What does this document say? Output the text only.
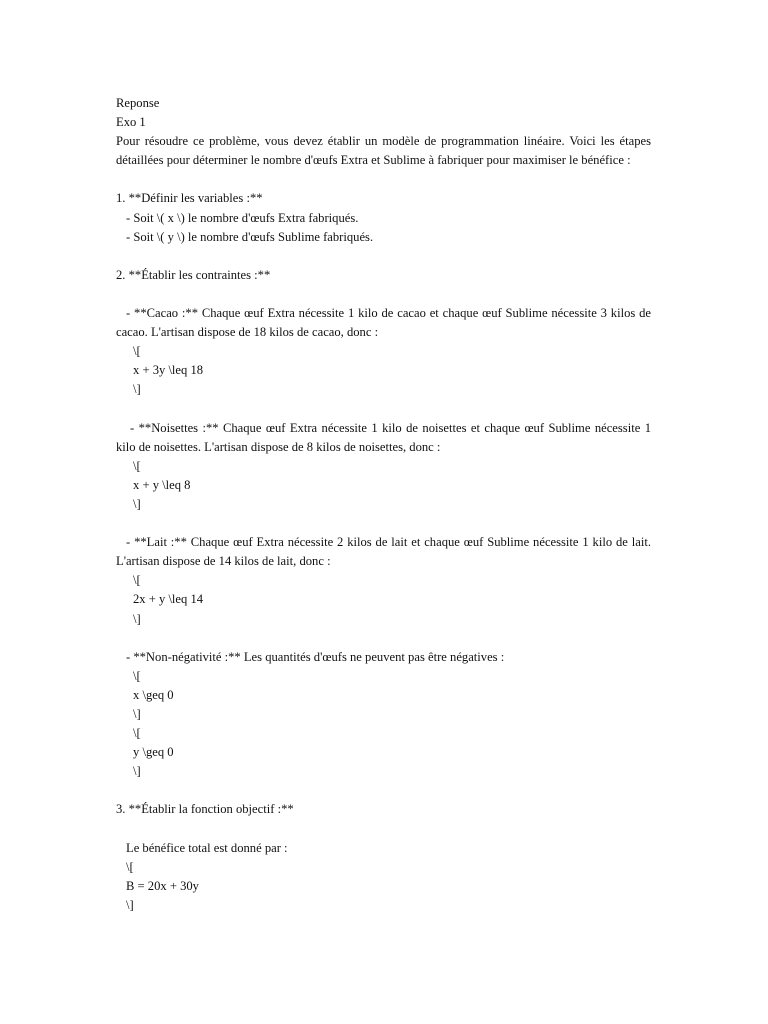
Reponse
Exo 1

Pour résoudre ce problème, vous devez établir un modèle de programmation linéaire. Voici les étapes détaillées pour déterminer le nombre d'œufs Extra et Sublime à fabriquer pour maximiser le bénéfice :

1. **Définir les variables :**
- Soit \( x \) le nombre d'œufs Extra fabriqués.
- Soit \( y \) le nombre d'œufs Sublime fabriqués.
2. **Établir les contraintes :**

- **Cacao :** Chaque œuf Extra nécessite 1 kilo de cacao et chaque œuf Sublime nécessite 3 kilos de cacao. L'artisan dispose de 18 kilos de cacao, donc :

\[
x + 3y \leq 18
\]

- **Noisettes :** Chaque œuf Extra nécessite 1 kilo de noisettes et chaque œuf Sublime nécessite 1 kilo de noisettes. L'artisan dispose de 8 kilos de noisettes, donc :

\[
x + y \leq 8
\]

- **Lait :** Chaque œuf Extra nécessite 2 kilos de lait et chaque œuf Sublime nécessite 1 kilo de lait. L'artisan dispose de 14 kilos de lait, donc :

\[
2x + y \leq 14
\]
- **Non-négativité :** Les quantités d'œufs ne peuvent pas être négatives :
\[
x \geq 0
\]
\[
y \geq 0
\]
3. **Établir la fonction objectif :**
Le bénéfice total est donné par :
\[
B = 20x + 30y
\]
